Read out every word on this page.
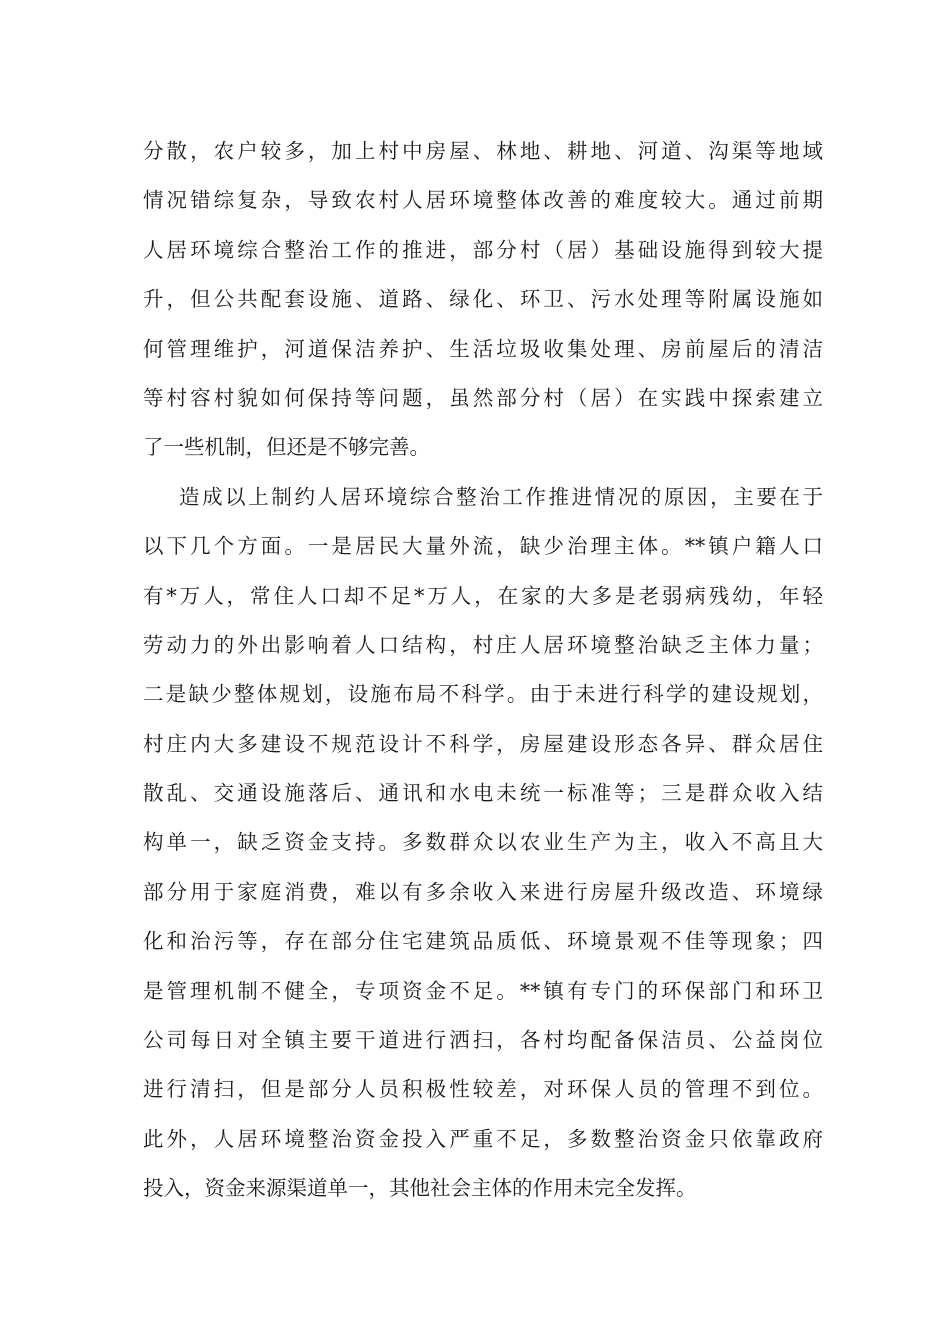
分散，农户较多，加上村中房屋、林地、耕地、河道、沟渠等地域
情况错综复杂，导致农村人居环境整体改善的难度较大。通过前期
人居环境综合整治工作的推进，部分村（居）基础设施得到较大提
升，但公共配套设施、道路、绿化、环卫、污水处理等附属设施如
何管理维护，河道保洁养护、生活垃圾收集处理、房前屋后的清洁
等村容村貌如何保持等问题，虽然部分村（居）在实践中探索建立
了一些机制，但还是不够完善。
造成以上制约人居环境综合整治工作推进情况的原因，主要在于
以下几个方面。一是居民大量外流，缺少治理主体。**镇户籍人口
有*万人，常住人口却不足*万人，在家的大多是老弱病残幼，年轻
劳动力的外出影响着人口结构，村庄人居环境整治缺乏主体力量；
二是缺少整体规划，设施布局不科学。由于未进行科学的建设规划，
村庄内大多建设不规范设计不科学，房屋建设形态各异、群众居住
散乱、交通设施落后、通讯和水电未统一标准等；三是群众收入结
构单一，缺乏资金支持。多数群众以农业生产为主，收入不高且大
部分用于家庭消费，难以有多余收入来进行房屋升级改造、环境绿
化和治污等，存在部分住宅建筑品质低、环境景观不佳等现象；四
是管理机制不健全，专项资金不足。**镇有专门的环保部门和环卫
公司每日对全镇主要干道进行洒扫，各村均配备保洁员、公益岗位
进行清扫，但是部分人员积极性较差，对环保人员的管理不到位。
此外，人居环境整治资金投入严重不足，多数整治资金只依靠政府
投入，资金来源渠道单一，其他社会主体的作用未完全发挥。
